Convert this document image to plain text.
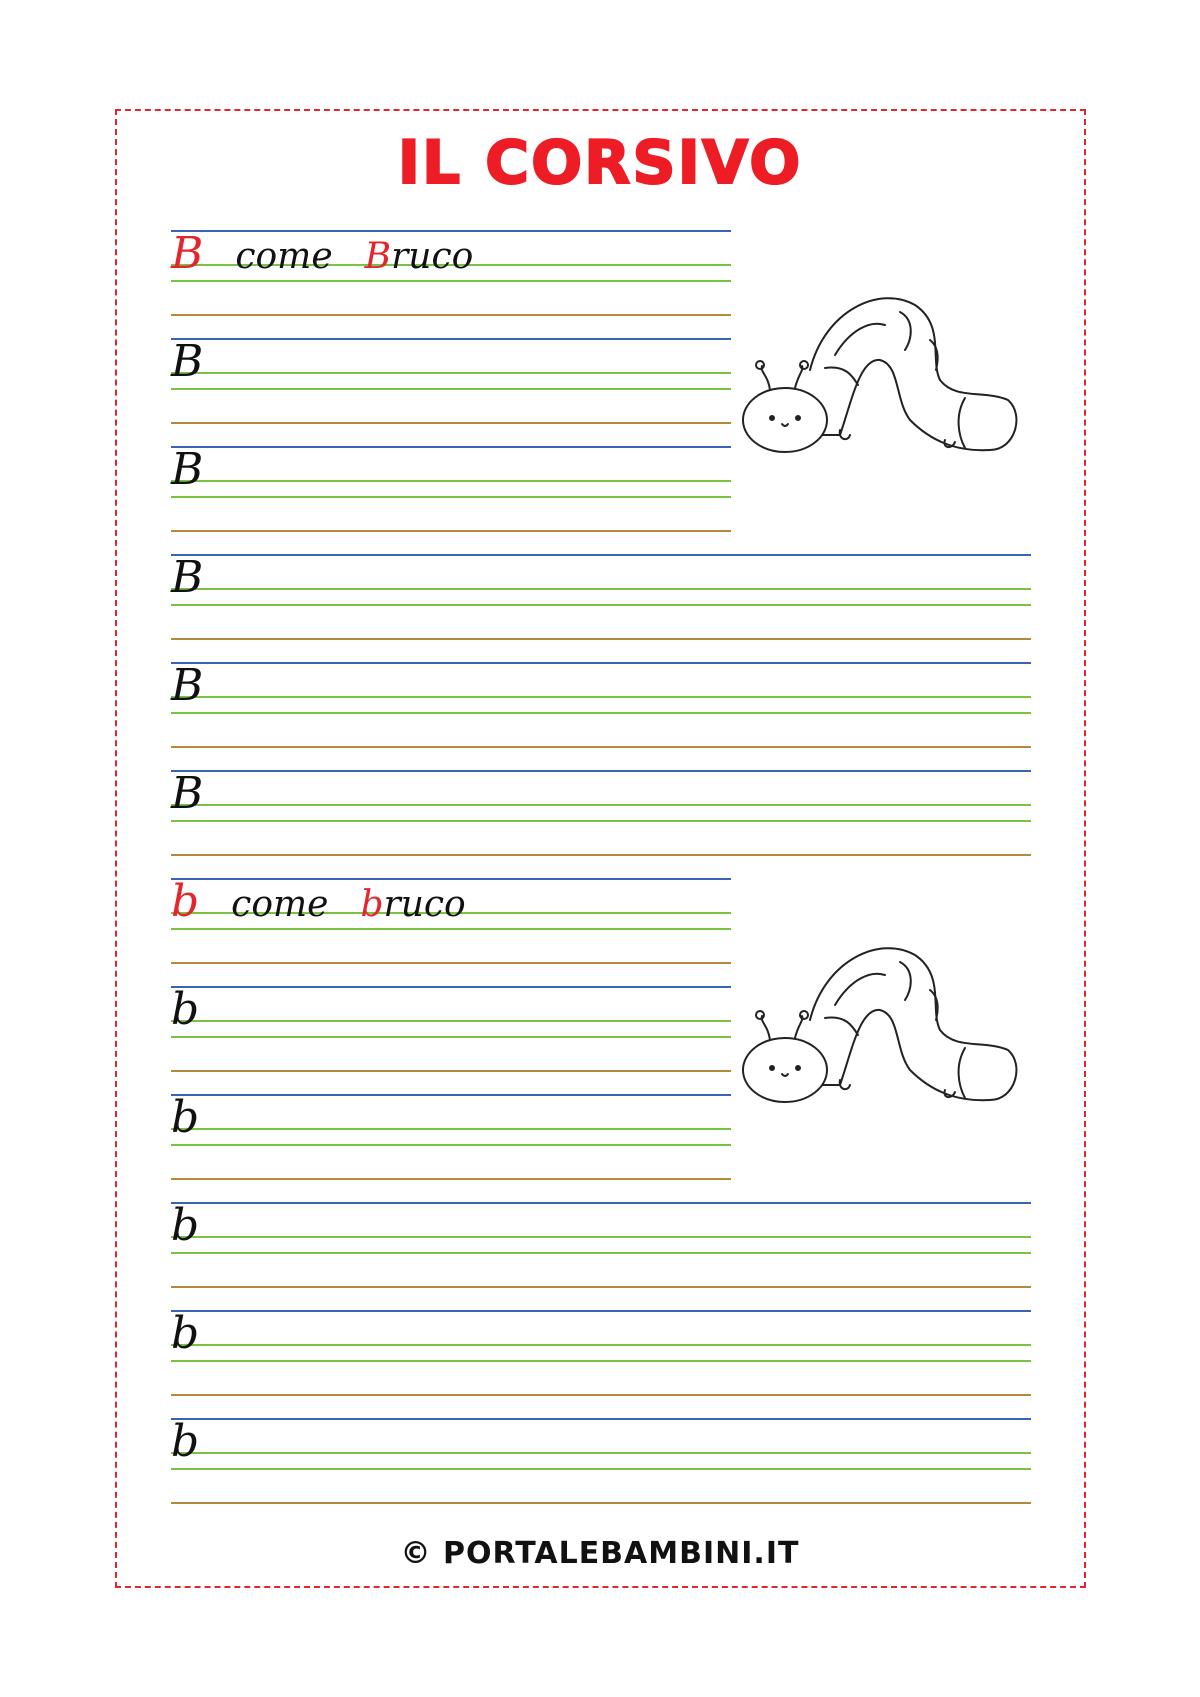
IL CORSIVO
B come Bruco
B
B
B
B
B
b come bruco
b
b
b
b
b
© PORTALEBAMBINI.IT
